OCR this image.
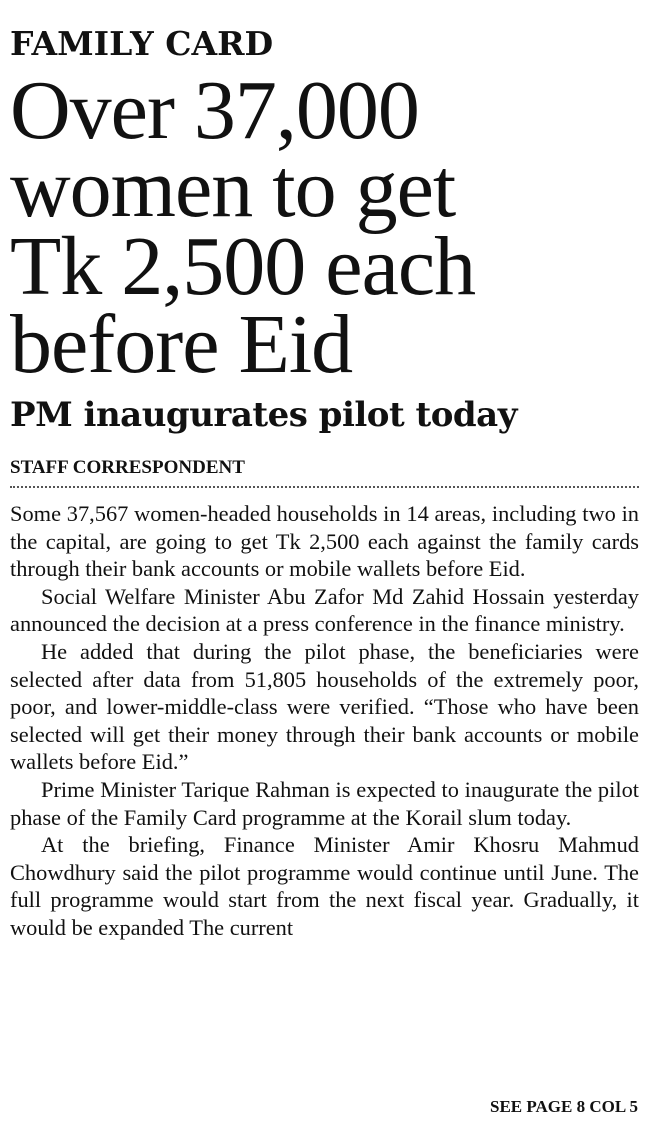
FAMILY CARD
Over 37,000
women to get
Tk 2,500 each
before Eid
PM inaugurates pilot today
STAFF CORRESPONDENT

Some 37,567 women-headed households in 14 areas, including two in the capital, are going to get Tk 2,500 each against the family cards through their bank accounts or mobile wallets before Eid.

Social Welfare Minister Abu Zafor Md Zahid Hossain yesterday announced the decision at a press conference in the finance ministry.

He added that during the pilot phase, the beneficiaries were selected after data from 51,805 households of the extremely poor, poor, and lower-middle-class were verified. “Those who have been selected will get their money through their bank accounts or mobile wallets before Eid.”

Prime Minister Tarique Rahman is expected to inaugurate the pilot phase of the Family Card programme at the Korail slum today.

At the briefing, Finance Minister Amir Khosru Mahmud Chowdhury said the pilot programme would continue until June. The full programme would start from the next fiscal year. Gradually, it would be expanded The current

SEE PAGE 8 COL 5
